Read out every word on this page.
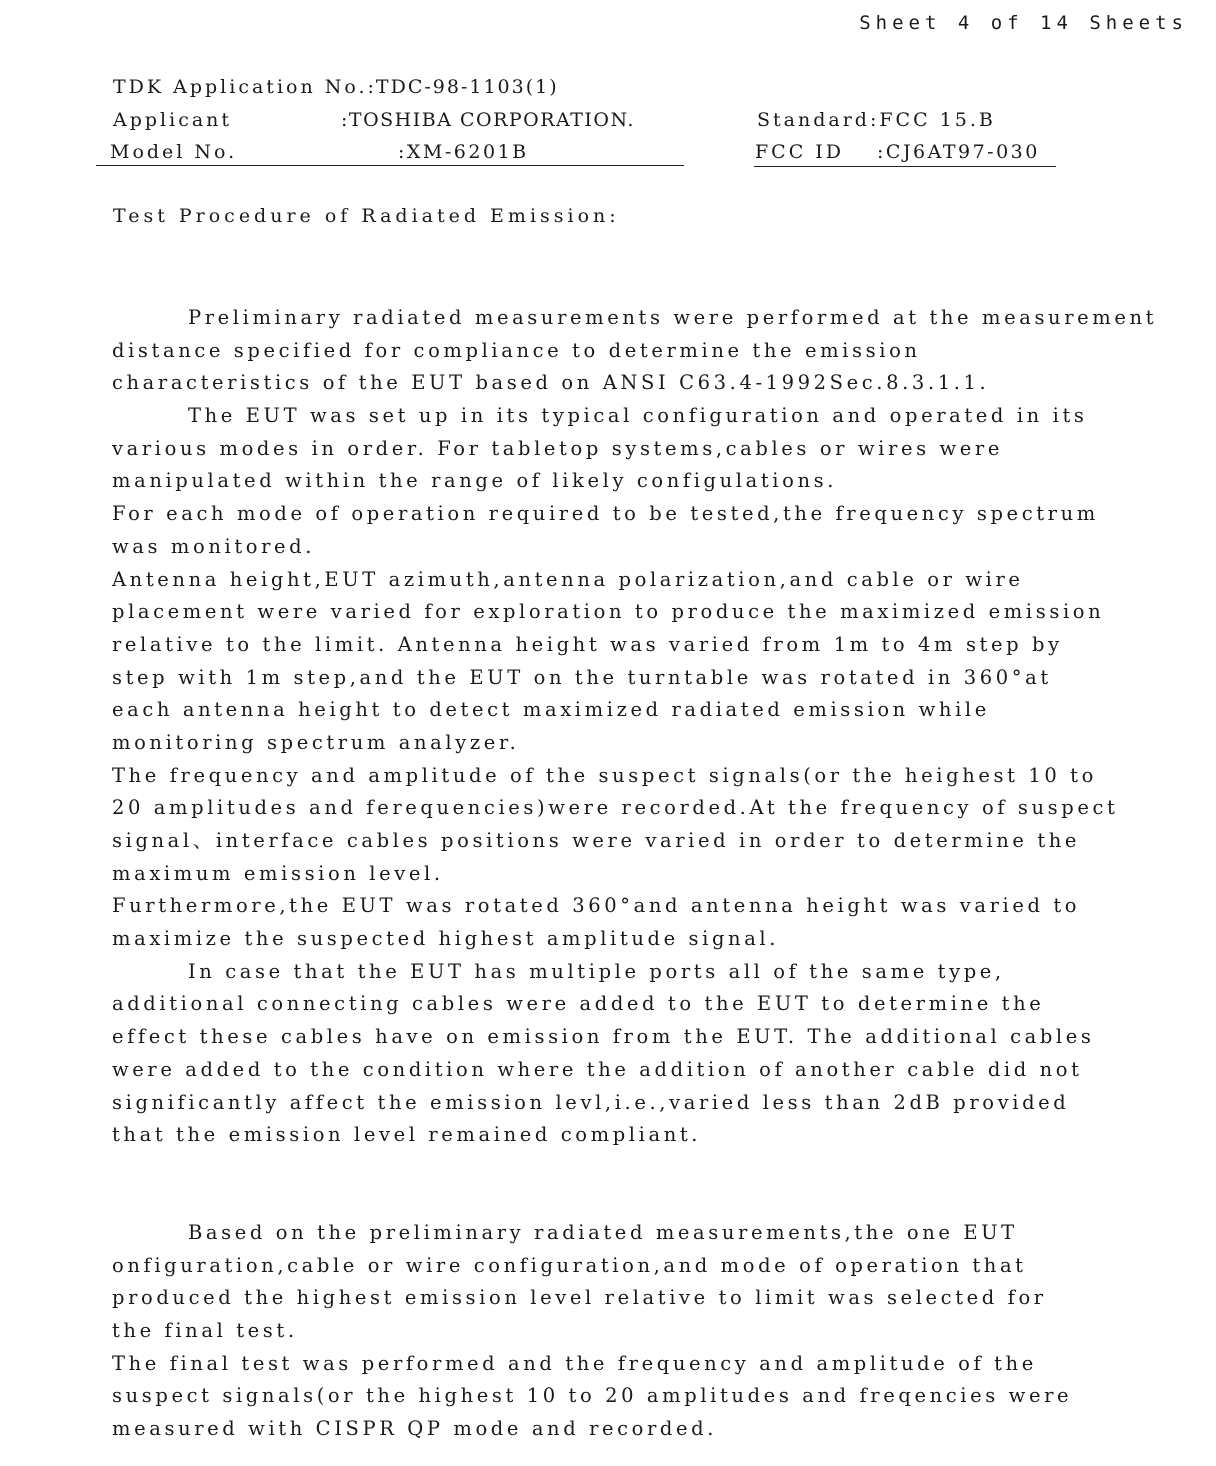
Sheet 4 of 14 Sheets
TDK Application No.:TDC-98-1103(1)
Applicant	:TOSHIBA CORPORATION.	Standard:FCC 15.B
Model No.	:XM-6201B	FCC ID :CJ6AT97-030
Test Procedure of Radiated Emission:
Preliminary radiated measurements were performed at the measurement
distance specified for compliance to determine the emission
characteristics of the EUT based on ANSI C63.4-1992Sec.8.3.1.1.
The EUT was set up in its typical configuration and operated in its
various modes in order. For tabletop systems,cables or wires were
manipulated within the range of likely configulations.
For each mode of operation required to be tested,the frequency spectrum
was monitored.
Antenna height,EUT azimuth,antenna polarization,and cable or wire
placement were varied for exploration to produce the maximized emission
relative to the limit. Antenna height was varied from 1m to 4m step by
step with 1m step,and the EUT on the turntable was rotated in 360°at
each antenna height to detect maximized radiated emission while
monitoring spectrum analyzer.
The frequency and amplitude of the suspect signals(or the heighest 10 to
20 amplitudes and ferequencies)were recorded.At the frequency of suspect
signal、interface cables positions were varied in order to determine the
maximum emission level.
Furthermore,the EUT was rotated 360°and antenna height was varied to
maximize the suspected highest amplitude signal.
In case that the EUT has multiple ports all of the same type,
additional connecting cables were added to the EUT to determine the
effect these cables have on emission from the EUT. The additional cables
were added to the condition where the addition of another cable did not
significantly affect the emission levl,i.e.,varied less than 2dB provided
that the emission level remained compliant.
Based on the preliminary radiated measurements,the one EUT
onfiguration,cable or wire configuration,and mode of operation that
produced the highest emission level relative to limit was selected for
the final test.
The final test was performed and the frequency and amplitude of the
suspect signals(or the highest 10 to 20 amplitudes and freqencies were
measured with CISPR QP mode and recorded.
